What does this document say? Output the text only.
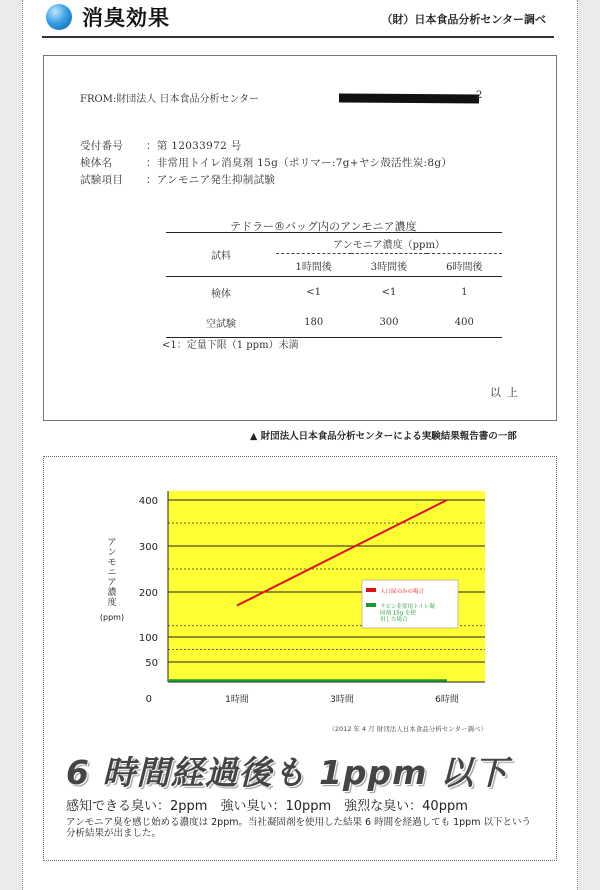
消臭効果	（財）日本食品分析センター調べ
FROM:財団法人 日本食品分析センター	2
受付番号 ：第 12033972 号
検体名	：非常用トイレ消臭剤 15g（ポリマー:7g+ヤシ殻活性炭:8g）
試験項目 ：アンモニア発生抑制試験
テドラー®バッグ内のアンモニア濃度
試料	アンモニア濃度（ppm）		
	1時間後	3時間後	6時間後
検体	<1	<1	1
空試験	180	300	400
<1：定量下限（1 ppm）未満
以上
▲ 財団法人日本食品分析センターによる実験結果報告書の一部
0
50
100
200
300
400
1時間	3時間	6時間
ア
ン
モ
ニ
ア
濃
度
(ppm)
人口尿のみの場合
ラピン非常用トイレ凝
固剤 15g を使
用した場合
（2012 年 4 月 財団法人日本食品分析センター調べ）
6 時間経過後も 1ppm 以下
感知できる臭い：2ppm　強い臭い：10ppm　強烈な臭い：40ppm
アンモニア臭を感じ始める濃度は 2ppm。当社凝固剤を使用した結果 6 時間を経過しても 1ppm 以下という分析結果が出ました。
